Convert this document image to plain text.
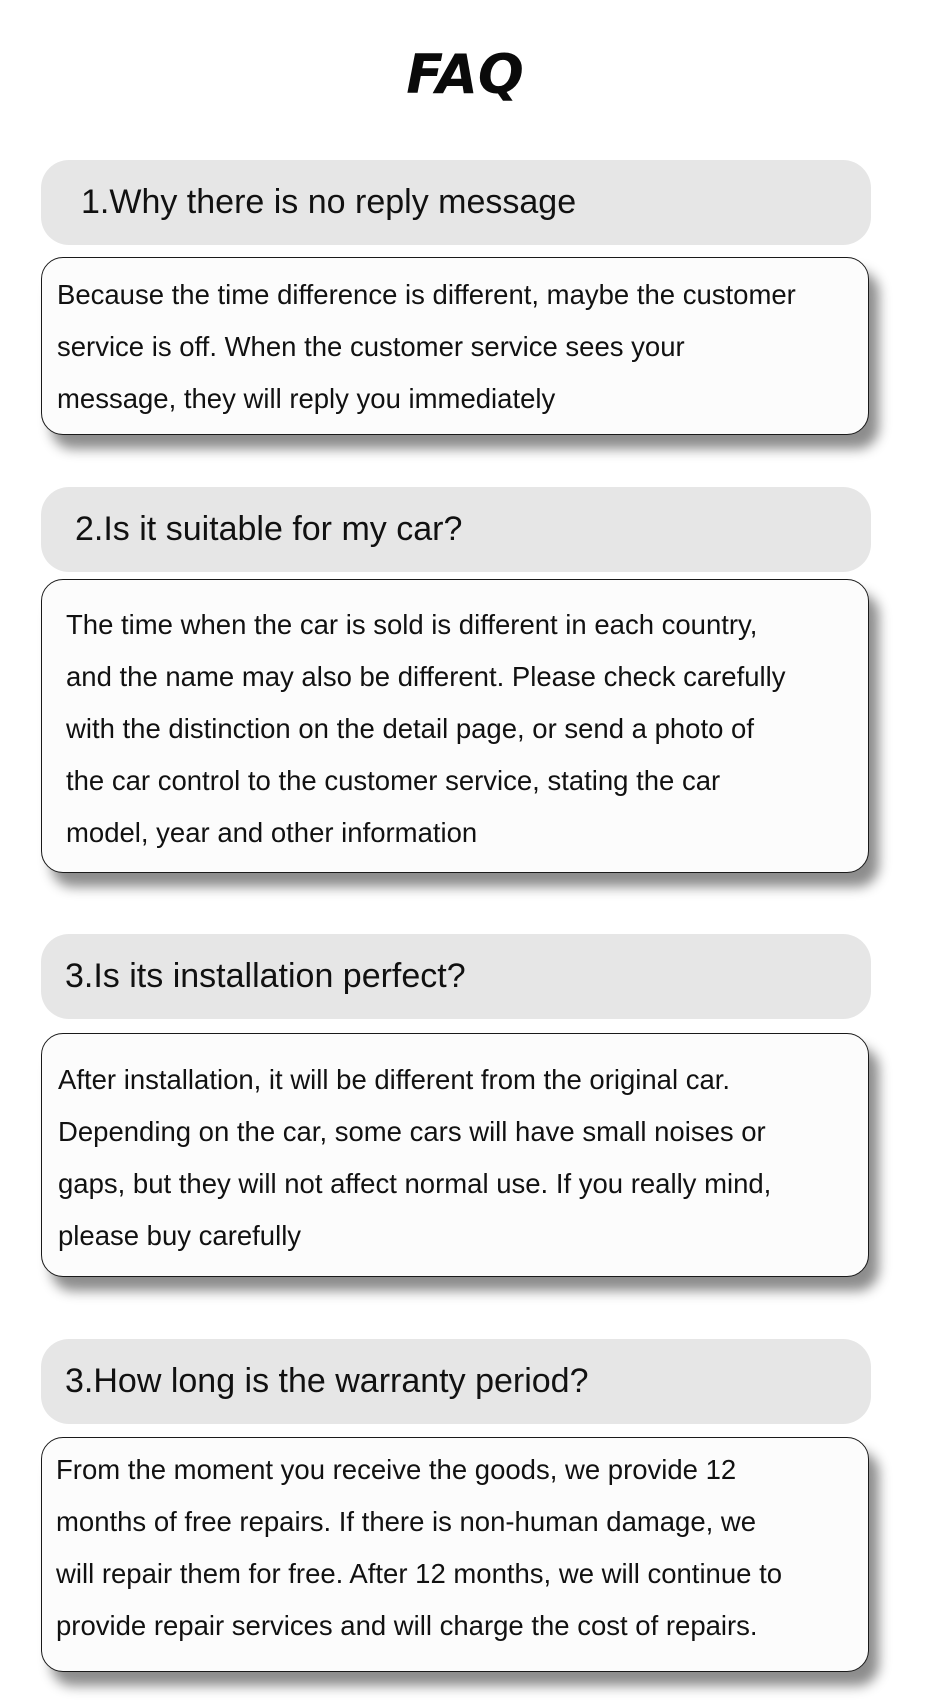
FAQ
1.Why there is no reply message
Because the time difference is different, maybe the customer
service is off. When the customer service sees your
message, they will reply you immediately
2.Is it suitable for my car?
The time when the car is sold is different in each country,
and the name may also be different. Please check carefully
with the distinction on the detail page, or send a photo of
the car control to the customer service, stating the car
model, year and other information
3.Is its installation perfect?
After installation, it will be different from the original car.
Depending on the car, some cars will have small noises or
gaps, but they will not affect normal use. If you really mind,
please buy carefully
3.How long is the warranty period?
From the moment you receive the goods, we provide 12
months of free repairs. If there is non-human damage, we
will repair them for free. After 12 months, we will continue to
provide repair services and will charge the cost of repairs.
